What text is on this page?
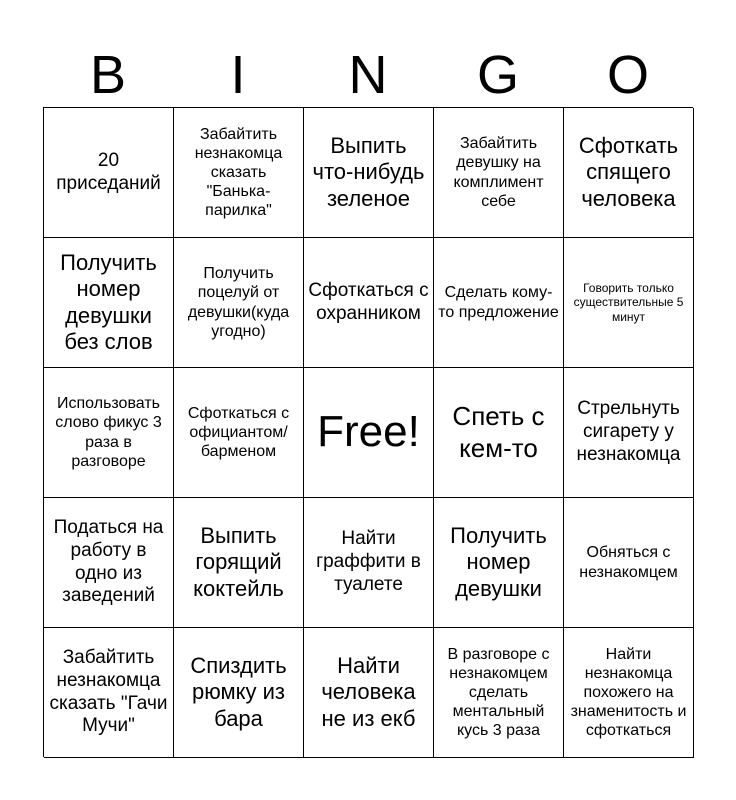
B	I	N	G	O
20 приседаний
Забайтить незнакомца сказать "Банька-парилка"
Выпить что-нибудь зеленое
Забайтить девушку на комплимент себе
Сфоткать спящего человека
Получить номер девушки без слов
Получить поцелуй от девушки(куда угодно)
Сфоткаться с охранником
Сделать кому-то предложение
Говорить только существительные 5 минут
Использовать слово фикус 3 раза в разговоре
Сфоткаться с официантом/барменом Free!	Спеть с кем-то
Стрельнуть сигарету у незнакомца
Податься на работу в одно из заведений
Выпить горящий коктейль
Найти граффити в туалете
Получить номер девушки
Обняться с незнакомцем
Забайтить незнакомца сказать "Гачи Мучи"
Спиздить рюмку из бара
Найти человека не из екб
В разговоре с незнакомцем сделать ментальный кусь 3 раза
Найти незнакомца похожего на знаменитость и сфоткаться
